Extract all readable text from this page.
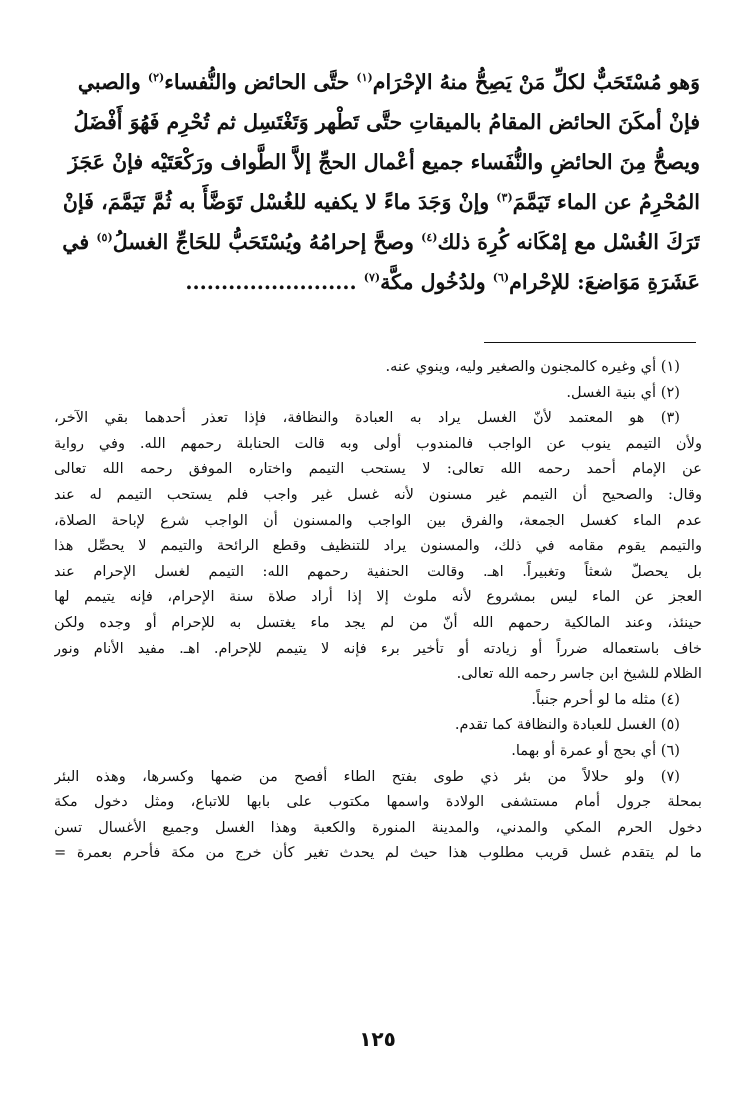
وَهو مُسْتَحَبٌّ لكلِّ مَنْ يَصِحُّ منهُ الإحْرَام$^{(١)}$ حتَّى الحائض والنُّفساء$^{(٢)}$ والصبي
فإنْ أمكَنَ الحائض المقامُ بالميقاتِ حتَّى تَطْهر وَتَغْتَسِل ثم تُحْرِم فَهُوَ أَفْضَلُ
ويصحُّ مِنَ الحائضِ والنُّفَساء جميع أعْمال الحجِّ إلاَّ الطَّواف ورَكْعَتَيْه فإنْ عَجَزَ
المُحْرِمُ عن الماء تَيَمَّمَ$^{(٣)}$ وإنْ وَجَدَ ماءً لا يكفيه للغُسْل تَوَضَّأَ به ثُمَّ تَيَمَّمَ، فَإنْ
تَرَكَ الغُسْل مع إمْكَانه كُرِهَ ذلك$^{(٤)}$ وصحَّ إحرامُهُ ويُسْتَحَبُّ للحَاجِّ الغسلُ$^{(٥)}$ في
عَشَرَةِ مَوَاضعَ: للإحْرام$^{(٦)}$ ولدُخُول مكَّة$^{(٧)}$ ........................
(١) أي وغيره كالمجنون والصغير وليه، وينوي عنه.
(٢) أي بنية الغسل.
(٣) هو المعتمد لأنّ الغسل يراد به العبادة والنظافة، فإذا تعذر أحدهما بقي الآخر،
ولأن التيمم ينوب عن الواجب فالمندوب أولى وبه قالت الحنابلة رحمهم الله. وفي رواية
عن الإمام أحمد رحمه الله تعالى: لا يستحب التيمم واختاره الموفق رحمه الله تعالى
وقال: والصحيح أن التيمم غير مسنون لأنه غسل غير واجب فلم يستحب التيمم له عند
عدم الماء كغسل الجمعة، والفرق بين الواجب والمسنون أن الواجب شرع لإباحة الصلاة،
والتيمم يقوم مقامه في ذلك، والمسنون يراد للتنظيف وقطع الرائحة والتيمم لا يحصِّل هذا
بل يحصلّ شعثاً وتغبيراً. اهـ. وقالت الحنفية رحمهم الله: التيمم لغسل الإحرام عند
العجز عن الماء ليس بمشروع لأنه ملوث إلا إذا أراد صلاة سنة الإحرام، فإنه يتيمم لها
حينئذ، وعند المالكية رحمهم الله أنّ من لم يجد ماء يغتسل به للإحرام أو وجده ولكن
خاف باستعماله ضرراً أو زيادته أو تأخير برء فإنه لا يتيمم للإحرام. اهـ. مفيد الأنام ونور
الظلام للشيخ ابن جاسر رحمه الله تعالى.
(٤) مثله ما لو أحرم جنباً.
(٥) الغسل للعبادة والنظافة كما تقدم.
(٦) أي بحج أو عمرة أو بهما.
(٧) ولو حلالاً من بئر ذي طوى بفتح الطاء أفصح من ضمها وكسرها، وهذه البئر
بمحلة جرول أمام مستشفى الولادة واسمها مكتوب على بابها للاتباع، ومثل دخول مكة
دخول الحرم المكي والمدني، والمدينة المنورة والكعبة وهذا الغسل وجميع الأغسال تسن
ما لم يتقدم غسل قريب مطلوب هذا حيث لم يحدث تغير كأن خرج من مكة فأحرم بعمرة =
١٢٥
